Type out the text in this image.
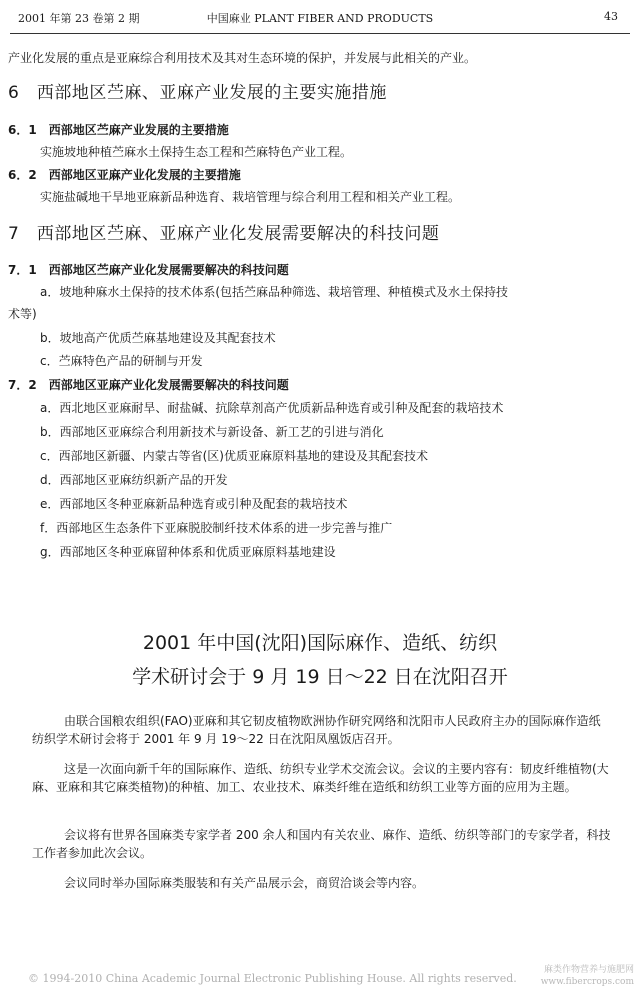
2001 年第 23 卷第 2 期	中国麻业 PLANT FIBER AND PRODUCTS	43
产业化发展的重点是亚麻综合利用技术及其对生态环境的保护，并发展与此相关的产业。
6　西部地区苎麻、亚麻产业发展的主要实施措施
6．1　西部地区苎麻产业发展的主要措施
实施坡地种植苎麻水土保持生态工程和苎麻特色产业工程。
6．2　西部地区亚麻产业化发展的主要措施
实施盐碱地干旱地亚麻新品种选育、栽培管理与综合利用工程和相关产业工程。
7　西部地区苎麻、亚麻产业化发展需要解决的科技问题
7．1　西部地区苎麻产业化发展需要解决的科技问题
a．坡地种麻水土保持的技术体系(包括苎麻品种筛选、栽培管理、种植模式及水土保持技
术等)
b．坡地高产优质苎麻基地建设及其配套技术
c．苎麻特色产品的研制与开发
7．2　西部地区亚麻产业化发展需要解决的科技问题
a．西北地区亚麻耐旱、耐盐碱、抗除草剂高产优质新品种选育或引种及配套的栽培技术
b．西部地区亚麻综合利用新技术与新设备、新工艺的引进与消化
c．西部地区新疆、内蒙古等省(区)优质亚麻原料基地的建设及其配套技术
d．西部地区亚麻纺织新产品的开发
e．西部地区冬种亚麻新品种选育或引种及配套的栽培技术
f．西部地区生态条件下亚麻脱胶制纤技术体系的进一步完善与推广
g．西部地区冬种亚麻留种体系和优质亚麻原料基地建设
2001 年中国(沈阳)国际麻作、造纸、纺织
学术研讨会于 9 月 19 日～22 日在沈阳召开
由联合国粮农组织(FAO)亚麻和其它韧皮植物欧洲协作研究网络和沈阳市人民政府主办的国际麻作造纸纺织学术研讨会将于 2001 年 9 月 19～22 日在沈阳凤凰饭店召开。
这是一次面向新千年的国际麻作、造纸、纺织专业学术交流会议。会议的主要内容有：韧皮纤维植物(大麻、亚麻和其它麻类植物)的种植、加工、农业技术、麻类纤维在造纸和纺织工业等方面的应用为主题。
会议将有世界各国麻类专家学者 200 余人和国内有关农业、麻作、造纸、纺织等部门的专家学者，科技工作者参加此次会议。
会议同时举办国际麻类服装和有关产品展示会，商贸洽谈会等内容。
© 1994-2010 China Academic Journal Electronic Publishing House. All rights reserved.
麻类作物营养与施肥网
www.fibercrops.com
